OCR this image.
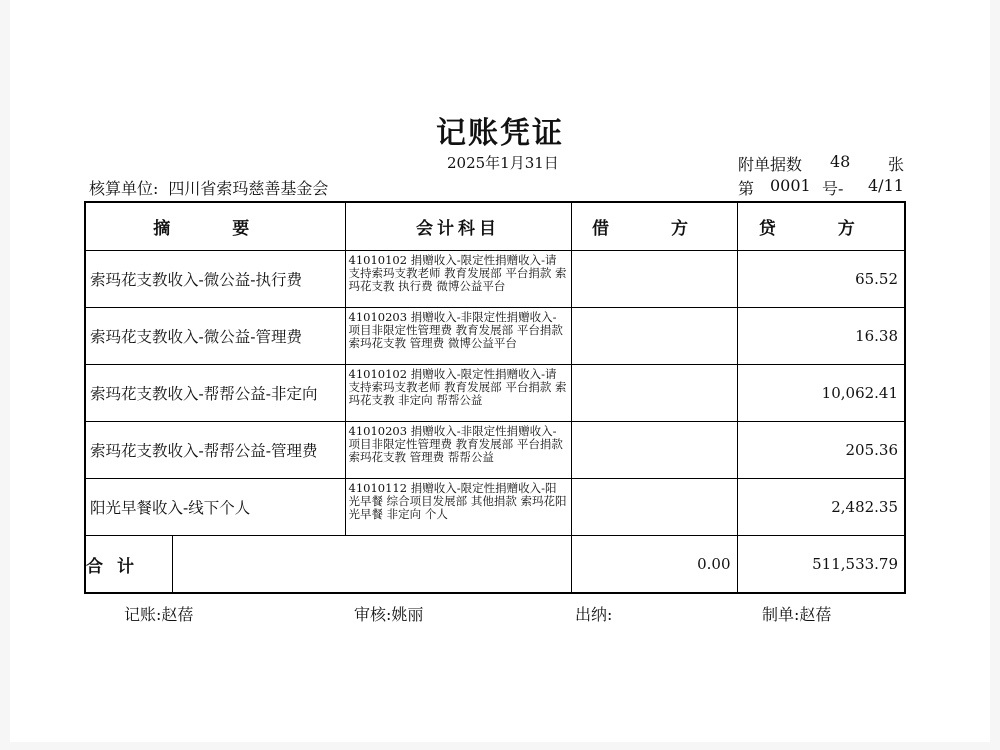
记账凭证
2025年1月31日	附单据数 48 张
核算单位: 四川省索玛慈善基金会	第 0001 号- 4/11
摘 要		会计科目	借 方	贷 方
索玛花支教收入-微公益-执行费		41010102 捐赠收入-限定性捐赠收入-请支持索玛支教老师 教育发展部 平台捐款 索玛花支教 执行费 微博公益平台		65.52
索玛花支教收入-微公益-管理费		41010203 捐赠收入-非限定性捐赠收入-项目非限定性管理费 教育发展部 平台捐款 索玛花支教 管理费 微博公益平台		16.38
索玛花支教收入-帮帮公益-非定向		41010102 捐赠收入-限定性捐赠收入-请支持索玛支教老师 教育发展部 平台捐款 索玛花支教 非定向 帮帮公益		10,062.41
索玛花支教收入-帮帮公益-管理费		41010203 捐赠收入-非限定性捐赠收入-项目非限定性管理费 教育发展部 平台捐款 索玛花支教 管理费 帮帮公益		205.36
阳光早餐收入-线下个人		41010112 捐赠收入-限定性捐赠收入-阳光早餐 综合项目发展部 其他捐款 索玛花阳光早餐 非定向 个人		2,482.35
合计			0.00	511,533.79
记账:赵蓓	审核:姚丽	出纳:	制单:赵蓓
